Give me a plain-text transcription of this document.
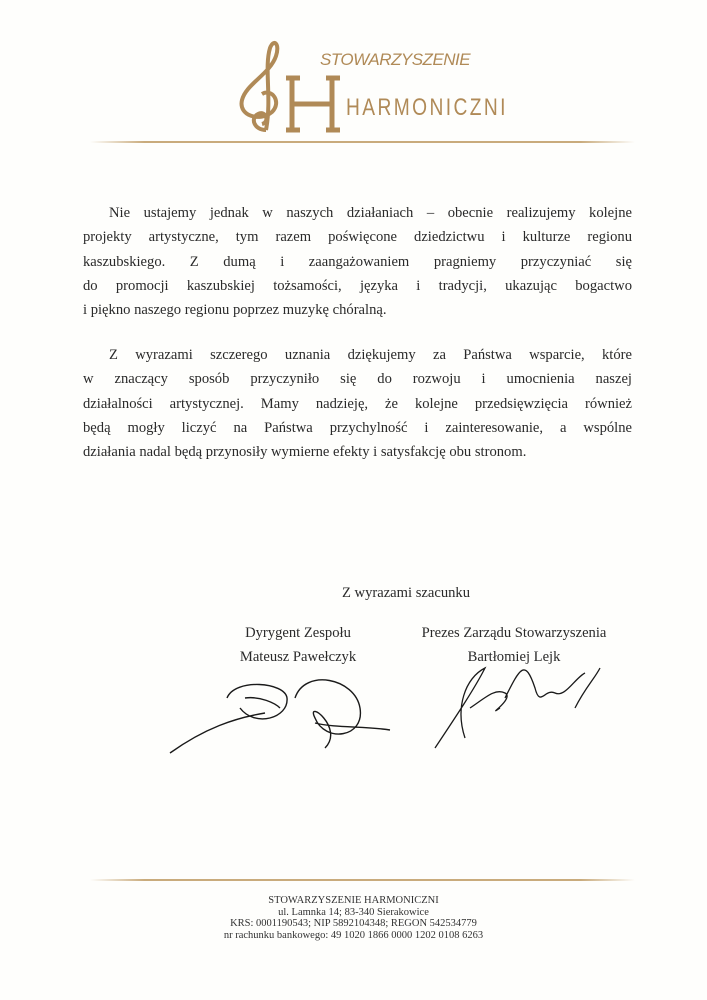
STOWARZYSZENIE
HARMONICZNI
Nie ustajemy jednak w naszych działaniach – obecnie realizujemy kolejne
projekty artystyczne, tym razem poświęcone dziedzictwu i kulturze regionu
kaszubskiego. Z dumą i zaangażowaniem pragniemy przyczyniać się
do promocji kaszubskiej tożsamości, języka i tradycji, ukazując bogactwo
i piękno naszego regionu poprzez muzykę chóralną.
Z wyrazami szczerego uznania dziękujemy za Państwa wsparcie, które
w znaczący sposób przyczyniło się do rozwoju i umocnienia naszej
działalności artystycznej. Mamy nadzieję, że kolejne przedsięwzięcia również
będą mogły liczyć na Państwa przychylność i zainteresowanie, a wspólne
działania nadal będą przynosiły wymierne efekty i satysfakcję obu stronom.
Z wyrazami szacunku
Dyrygent Zespołu
Mateusz Pawełczyk
Prezes Zarządu Stowarzyszenia
Bartłomiej Lejk
STOWARZYSZENIE HARMONICZNI
ul. Lamnka 14; 83-340 Sierakowice
KRS: 0001190543; NIP 5892104348; REGON 542534779
nr rachunku bankowego: 49 1020 1866 0000 1202 0108 6263
